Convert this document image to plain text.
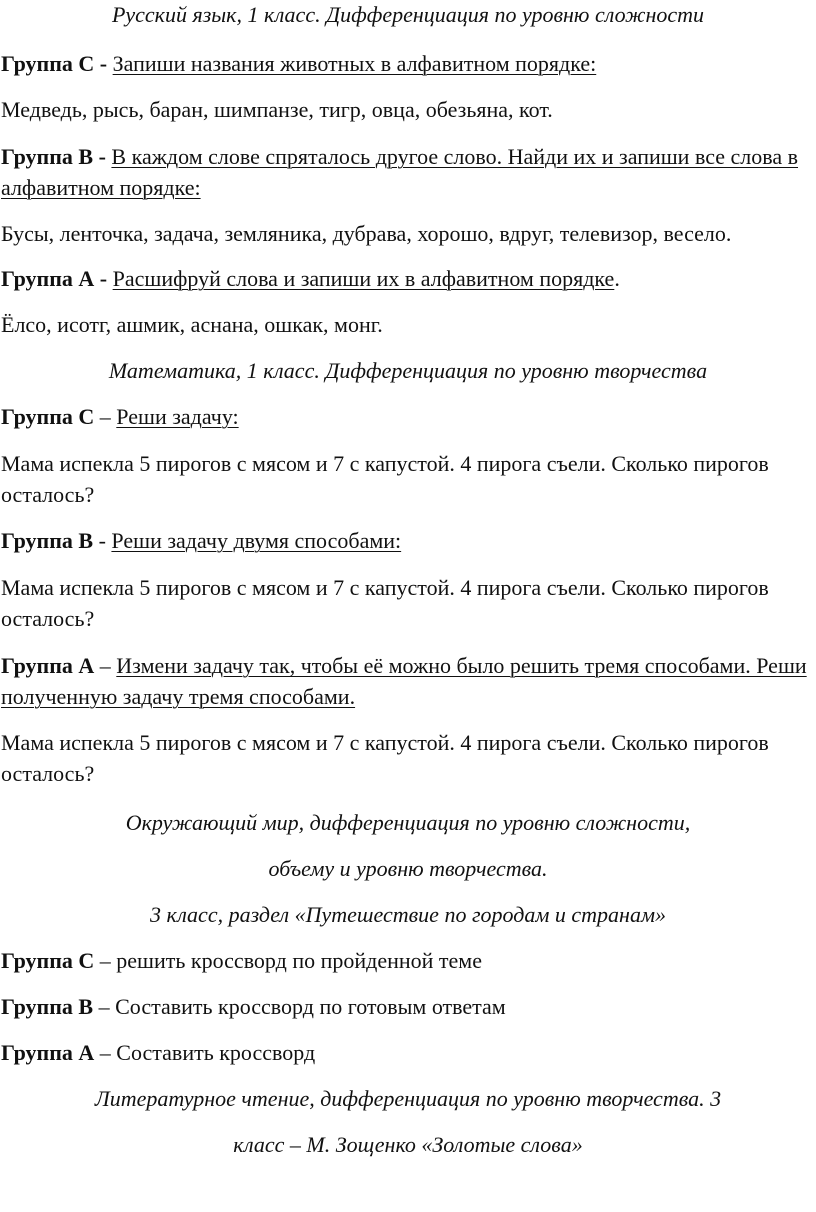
Русский язык, 1 класс. Дифференциация по уровню сложности

Группа С - Запиши названия животных в алфавитном порядке:

Медведь, рысь, баран, шимпанзе, тигр, овца, обезьяна, кот.

Группа В - В каждом слове спряталось другое слово. Найди их и запиши все слова в алфавитном порядке:

Бусы, ленточка, задача, земляника, дубрава, хорошо, вдруг, телевизор, весело.

Группа А - Расшифруй слова и запиши их в алфавитном порядке.

Ёлсо, исотг, ашмик, аснана, ошкак, монг.

Математика, 1 класс. Дифференциация по уровню творчества

Группа С – Реши задачу:

Мама испекла 5 пирогов с мясом и 7 с капустой. 4 пирога съели. Сколько пирогов осталось?

Группа В - Реши задачу двумя способами:

Мама испекла 5 пирогов с мясом и 7 с капустой. 4 пирога съели. Сколько пирогов осталось?

Группа А – Измени задачу так, чтобы её можно было решить тремя способами. Реши полученную задачу тремя способами.

Мама испекла 5 пирогов с мясом и 7 с капустой. 4 пирога съели. Сколько пирогов осталось?

Окружающий мир, дифференциация по уровню сложности,

объему и уровню творчества.

3 класс, раздел «Путешествие по городам и странам»

Группа С – решить кроссворд по пройденной теме

Группа В – Составить кроссворд по готовым ответам

Группа А – Составить кроссворд

Литературное чтение, дифференциация по уровню творчества. 3

класс – М. Зощенко «Золотые слова»
